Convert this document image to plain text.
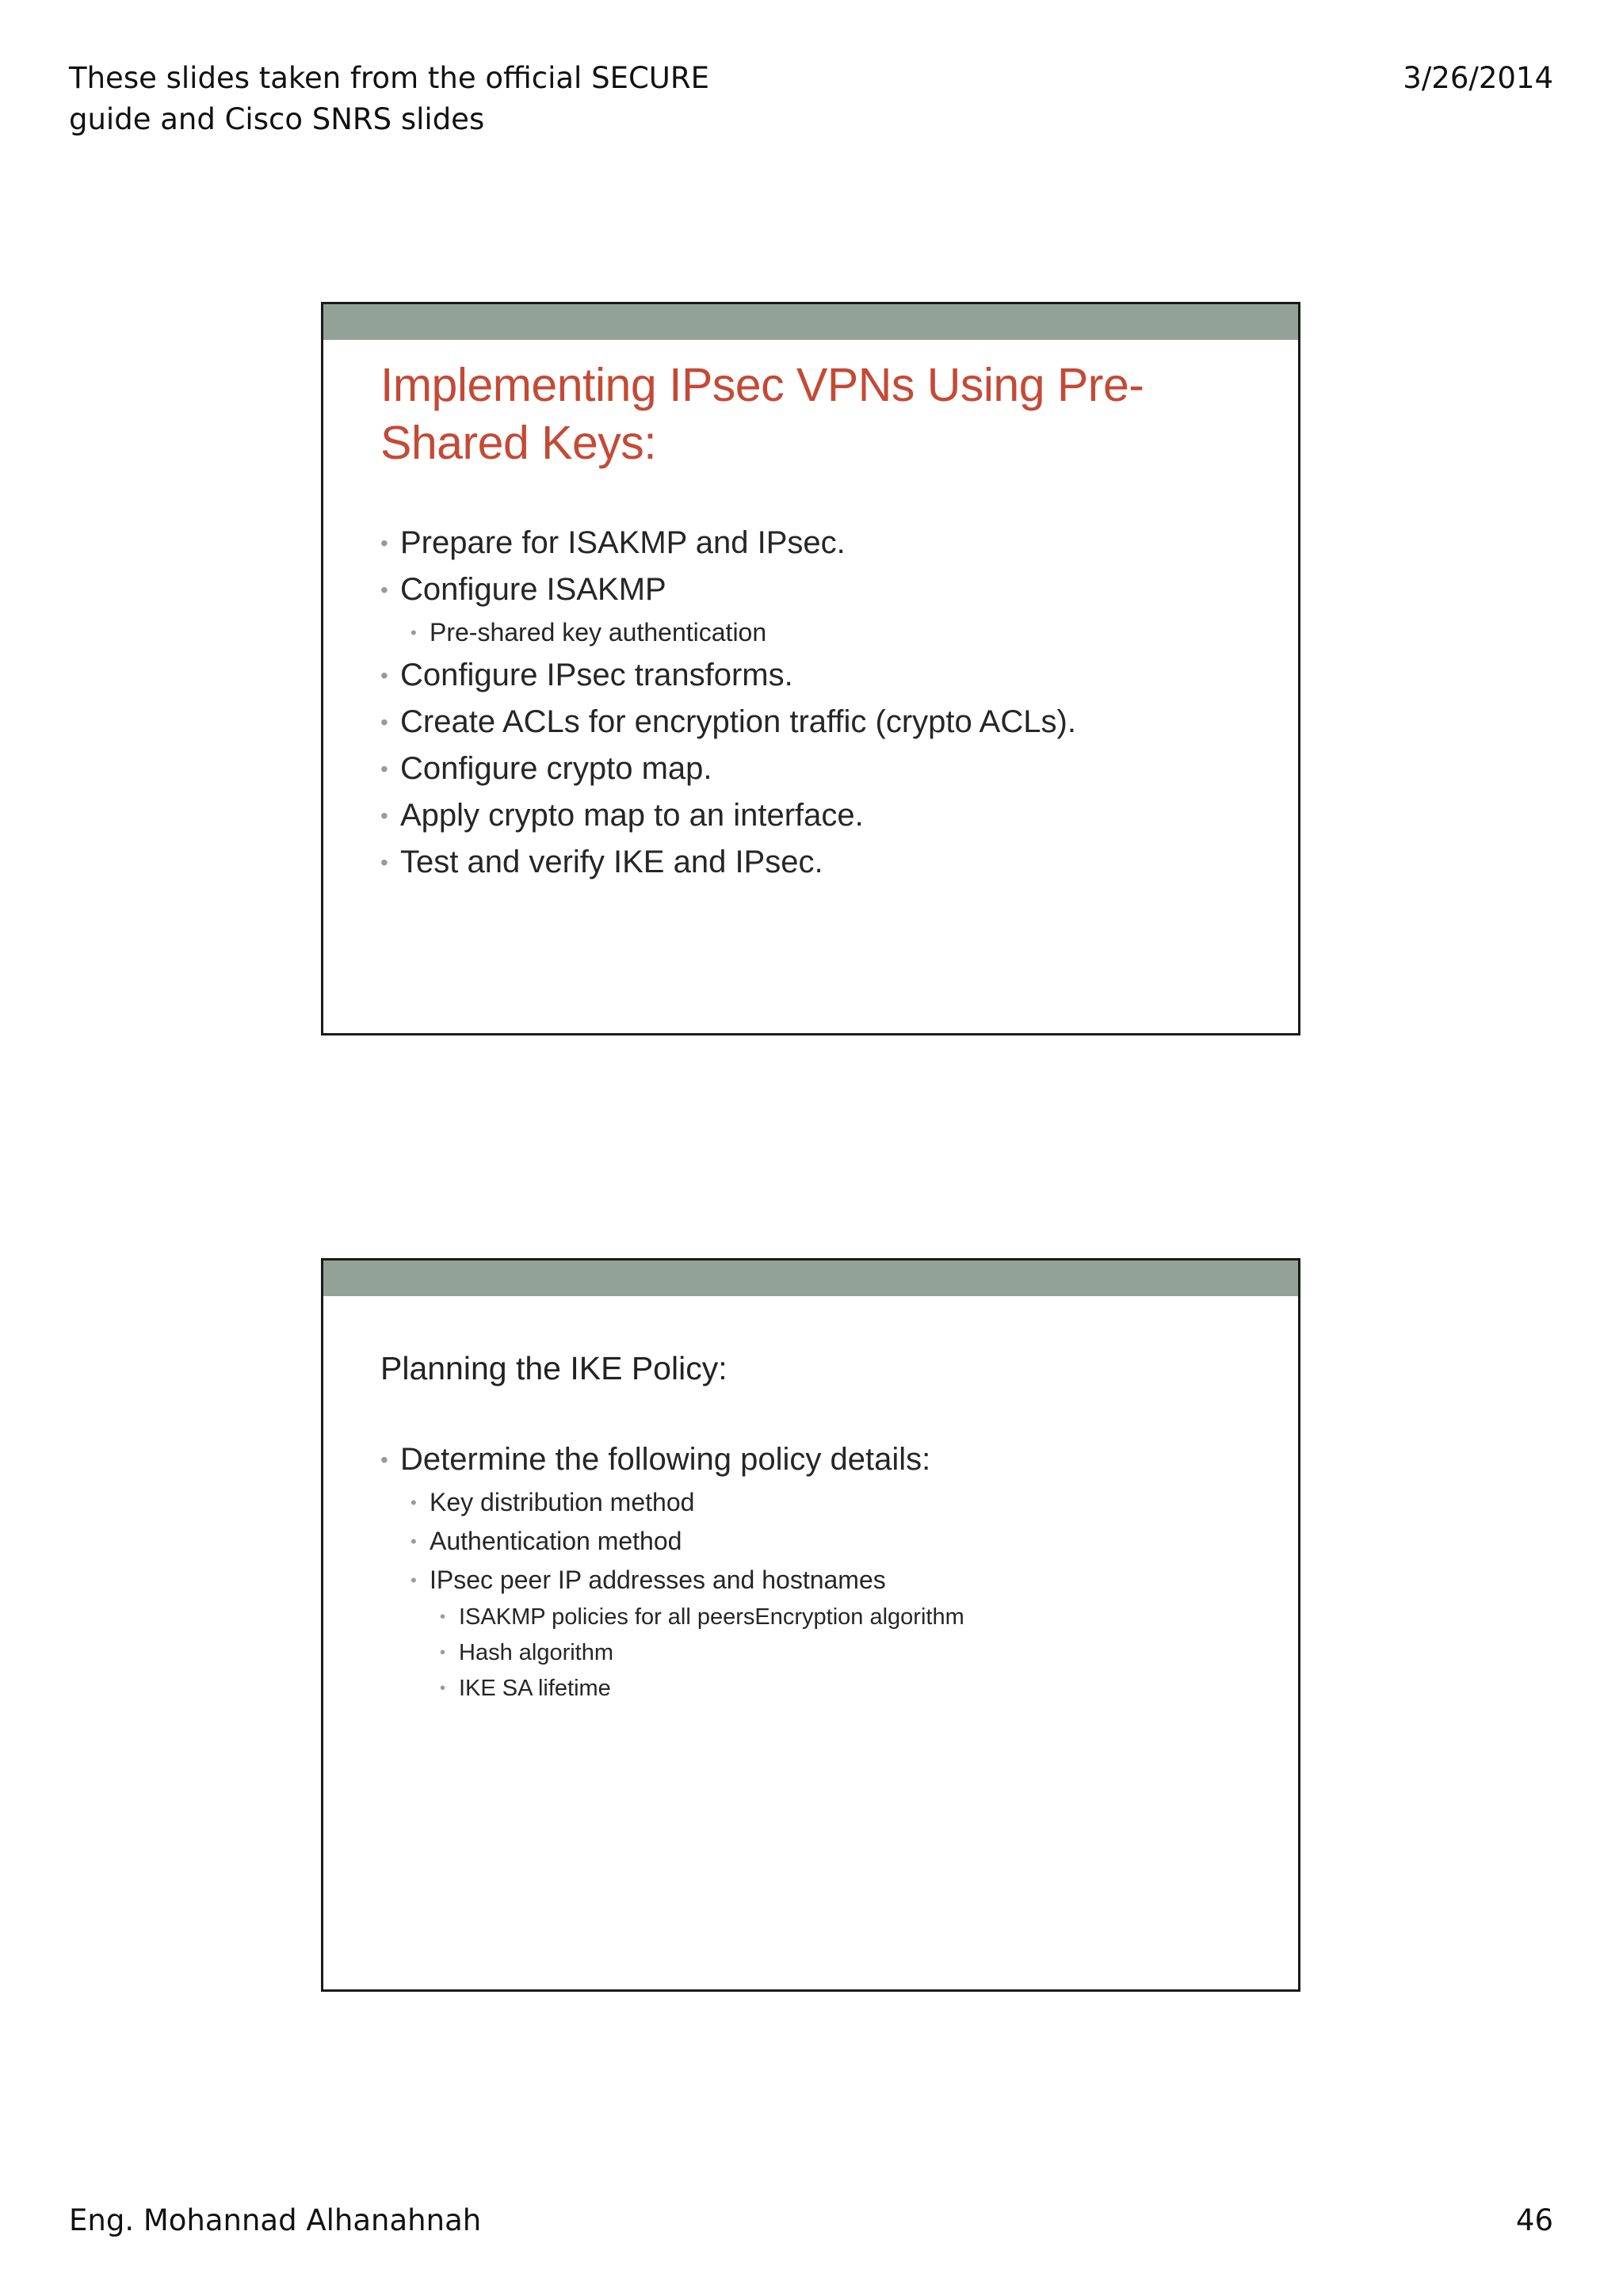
These slides taken from the official SECURE
guide and Cisco SNRS slides
3/26/2014
Implementing IPsec VPNs Using Pre-
Shared Keys:
• Prepare for ISAKMP and IPsec.
• Configure ISAKMP
• Pre-shared key authentication
• Configure IPsec transforms.
• Create ACLs for encryption traffic (crypto ACLs).
• Configure crypto map.
• Apply crypto map to an interface.
• Test and verify IKE and IPsec.
Planning the IKE Policy:
• Determine the following policy details:
• Key distribution method
• Authentication method
• IPsec peer IP addresses and hostnames
• ISAKMP policies for all peersEncryption algorithm
• Hash algorithm
• IKE SA lifetime
Eng. Mohannad Alhanahnah	46
